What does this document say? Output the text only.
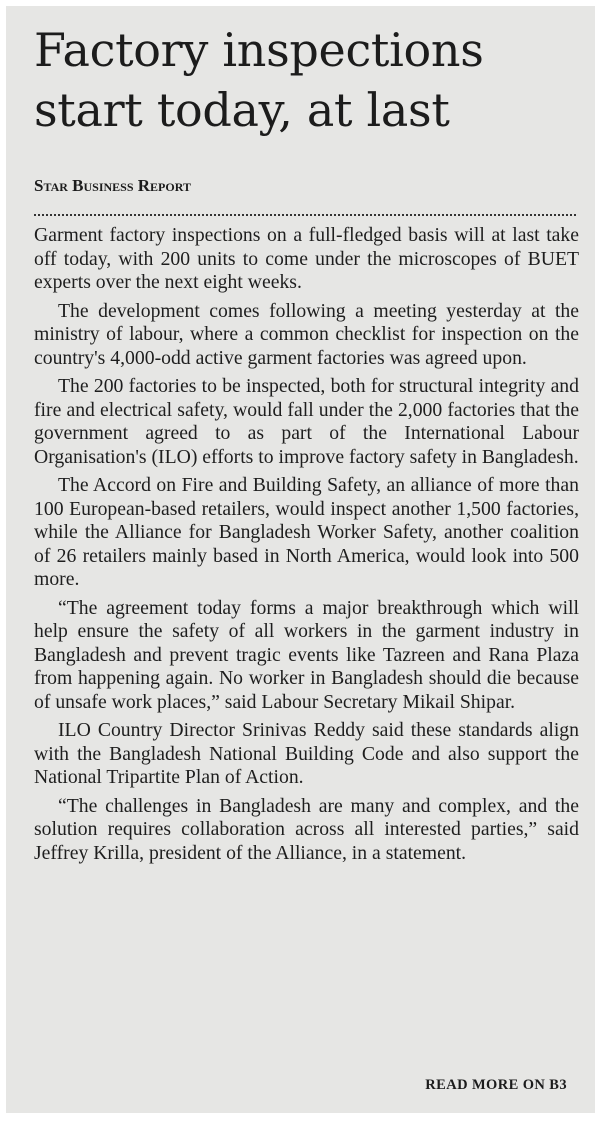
Factory inspections
start today, at last

Star Business Report

Garment factory inspections on a full-fledged basis will at last take off today, with 200 units to come under the microscopes of BUET experts over the next eight weeks.

The development comes following a meeting yesterday at the ministry of labour, where a common checklist for inspection on the country's 4,000-odd active garment factories was agreed upon.

The 200 factories to be inspected, both for structural integrity and fire and electrical safety, would fall under the 2,000 factories that the government agreed to as part of the International Labour Organisation's (ILO) efforts to improve factory safety in Bangladesh.

The Accord on Fire and Building Safety, an alliance of more than 100 European-based retailers, would inspect another 1,500 factories, while the Alliance for Bangladesh Worker Safety, another coalition of 26 retailers mainly based in North America, would look into 500 more.

“The agreement today forms a major breakthrough which will help ensure the safety of all workers in the garment industry in Bangladesh and prevent tragic events like Tazreen and Rana Plaza from happening again. No worker in Bangladesh should die because of unsafe work places,” said Labour Secretary Mikail Shipar.

ILO Country Director Srinivas Reddy said these standards align with the Bangladesh National Building Code and also support the National Tripartite Plan of Action.

“The challenges in Bangladesh are many and complex, and the solution requires collaboration across all interested parties,” said Jeffrey Krilla, president of the Alliance, in a statement.

READ MORE ON B3
